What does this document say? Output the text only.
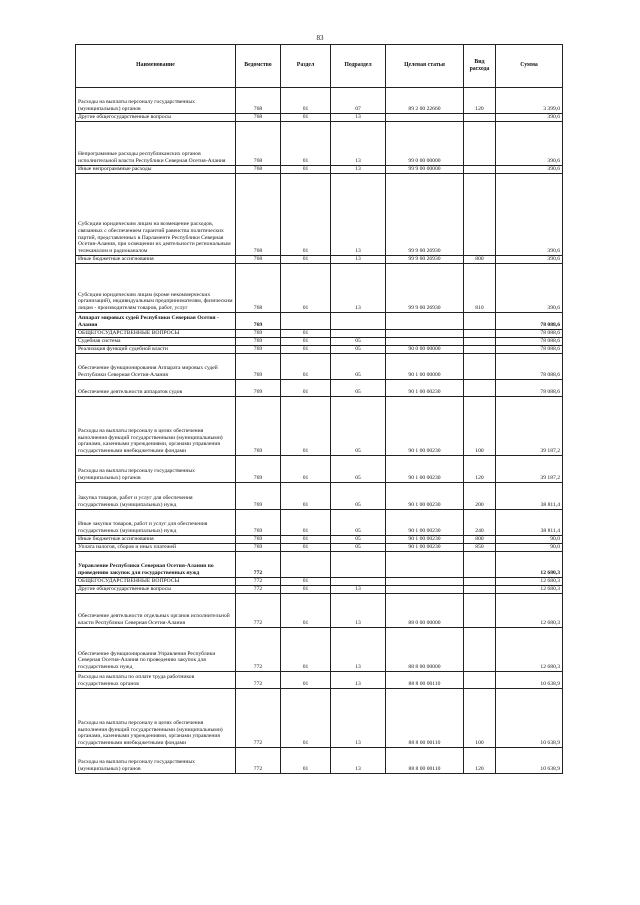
83
Наименование	Ведомство	Раздел	Подраздел	Целевая статья	Вид расхода	Сумма
Расходы на выплаты персоналу государственных (муниципальных) органов	768	01	07	89 2 00 22660	120	3 399,0
Другие общегосударственные вопросы	768	01	13			390,6
Непрограммные расходы республиканских органов исполнительной власти Республики Северная Осетия-Алания	768	01	13	99 0 00 00000		390,6
Иные непрограммные расходы	768	01	13	99 9 00 00000		390,6
Субсидии юридическим лицам на возмещение расходов, связанных с обеспечением гарантий равенства политических партий, представленных в Парламенте Республики Северная Осетия-Алания, при освещении их деятельности региональным телеканалом и радиоканалом	768	01	13	99 9 00 26930		390,6
Иные бюджетные ассигнования	768	01	13	99 9 00 26930	800	390,6
Субсидии юридическим лицам (кроме некоммерческих организаций), индивидуальным предпринимателям, физическим лицам - производителям товаров, работ, услуг	768	01	13	99 9 00 26930	810	390,6
Аппарат мировых судей Республики Северная Осетия - Алания	769					78 088,6
ОБЩЕГОСУДАРСТВЕННЫЕ ВОПРОСЫ	769	01				78 088,6
Судебная система	769	01	05			78 088,6
Реализация функций судебной власти	769	01	05	90 0 00 00000		78 088,6
Обеспечение функционирования Аппарата мировых судей Республики Северная Осетия-Алания	769	01	05	90 1 00 00000		78 088,6
Обеспечение деятельности аппаратов судов	769	01	05	90 1 00 00230		78 088,6
Расходы на выплаты персоналу в целях обеспечения выполнения функций государственными (муниципальными) органами, казенными учреждениями, органами управления государственными внебюджетными фондами	769	01	05	90 1 00 00230	100	39 187,2
Расходы на выплаты персоналу государственных (муниципальных) органов	769	01	05	90 1 00 00230	120	39 187,2
Закупка товаров, работ и услуг для обеспечения государственных (муниципальных) нужд	769	01	05	90 1 00 00230	200	38 811,4
Иные закупки товаров, работ и услуг для обеспечения государственных (муниципальных) нужд	769	01	05	90 1 00 00230	240	38 811,4
Иные бюджетные ассигнования	769	01	05	90 1 00 00230	800	90,0
Уплата налогов, сборов и иных платежей	769	01	05	90 1 00 00230	850	90,0
Управление Республики Северная Осетия-Алания по проведению закупок для государственных нужд	772					12 680,3
ОБЩЕГОСУДАРСТВЕННЫЕ ВОПРОСЫ	772	01				12 680,3
Другие общегосударственные вопросы	772	01	13			12 680,3
Обеспечение деятельности отдельных органов исполнительной власти Республики Северная Осетия-Алания	772	01	13	88 0 00 00000		12 680,3
Обеспечение функционирования Управления Республики Северная Осетия-Алания по проведению закупок для государственных нужд	772	01	13	88 8 00 00000		12 680,3
Расходы на выплаты по оплате труда работников государственных органов	772	01	13	88 8 00 00110		10 638,9
Расходы на выплаты персоналу в целях обеспечения выполнения функций государственными (муниципальными) органами, казенными учреждениями, органами управления государственными внебюджетными фондами	772	01	13	88 8 00 00110	100	10 638,9
Расходы на выплаты персоналу государственных (муниципальных) органов	772	01	13	88 8 00 00110	120	10 638,9
